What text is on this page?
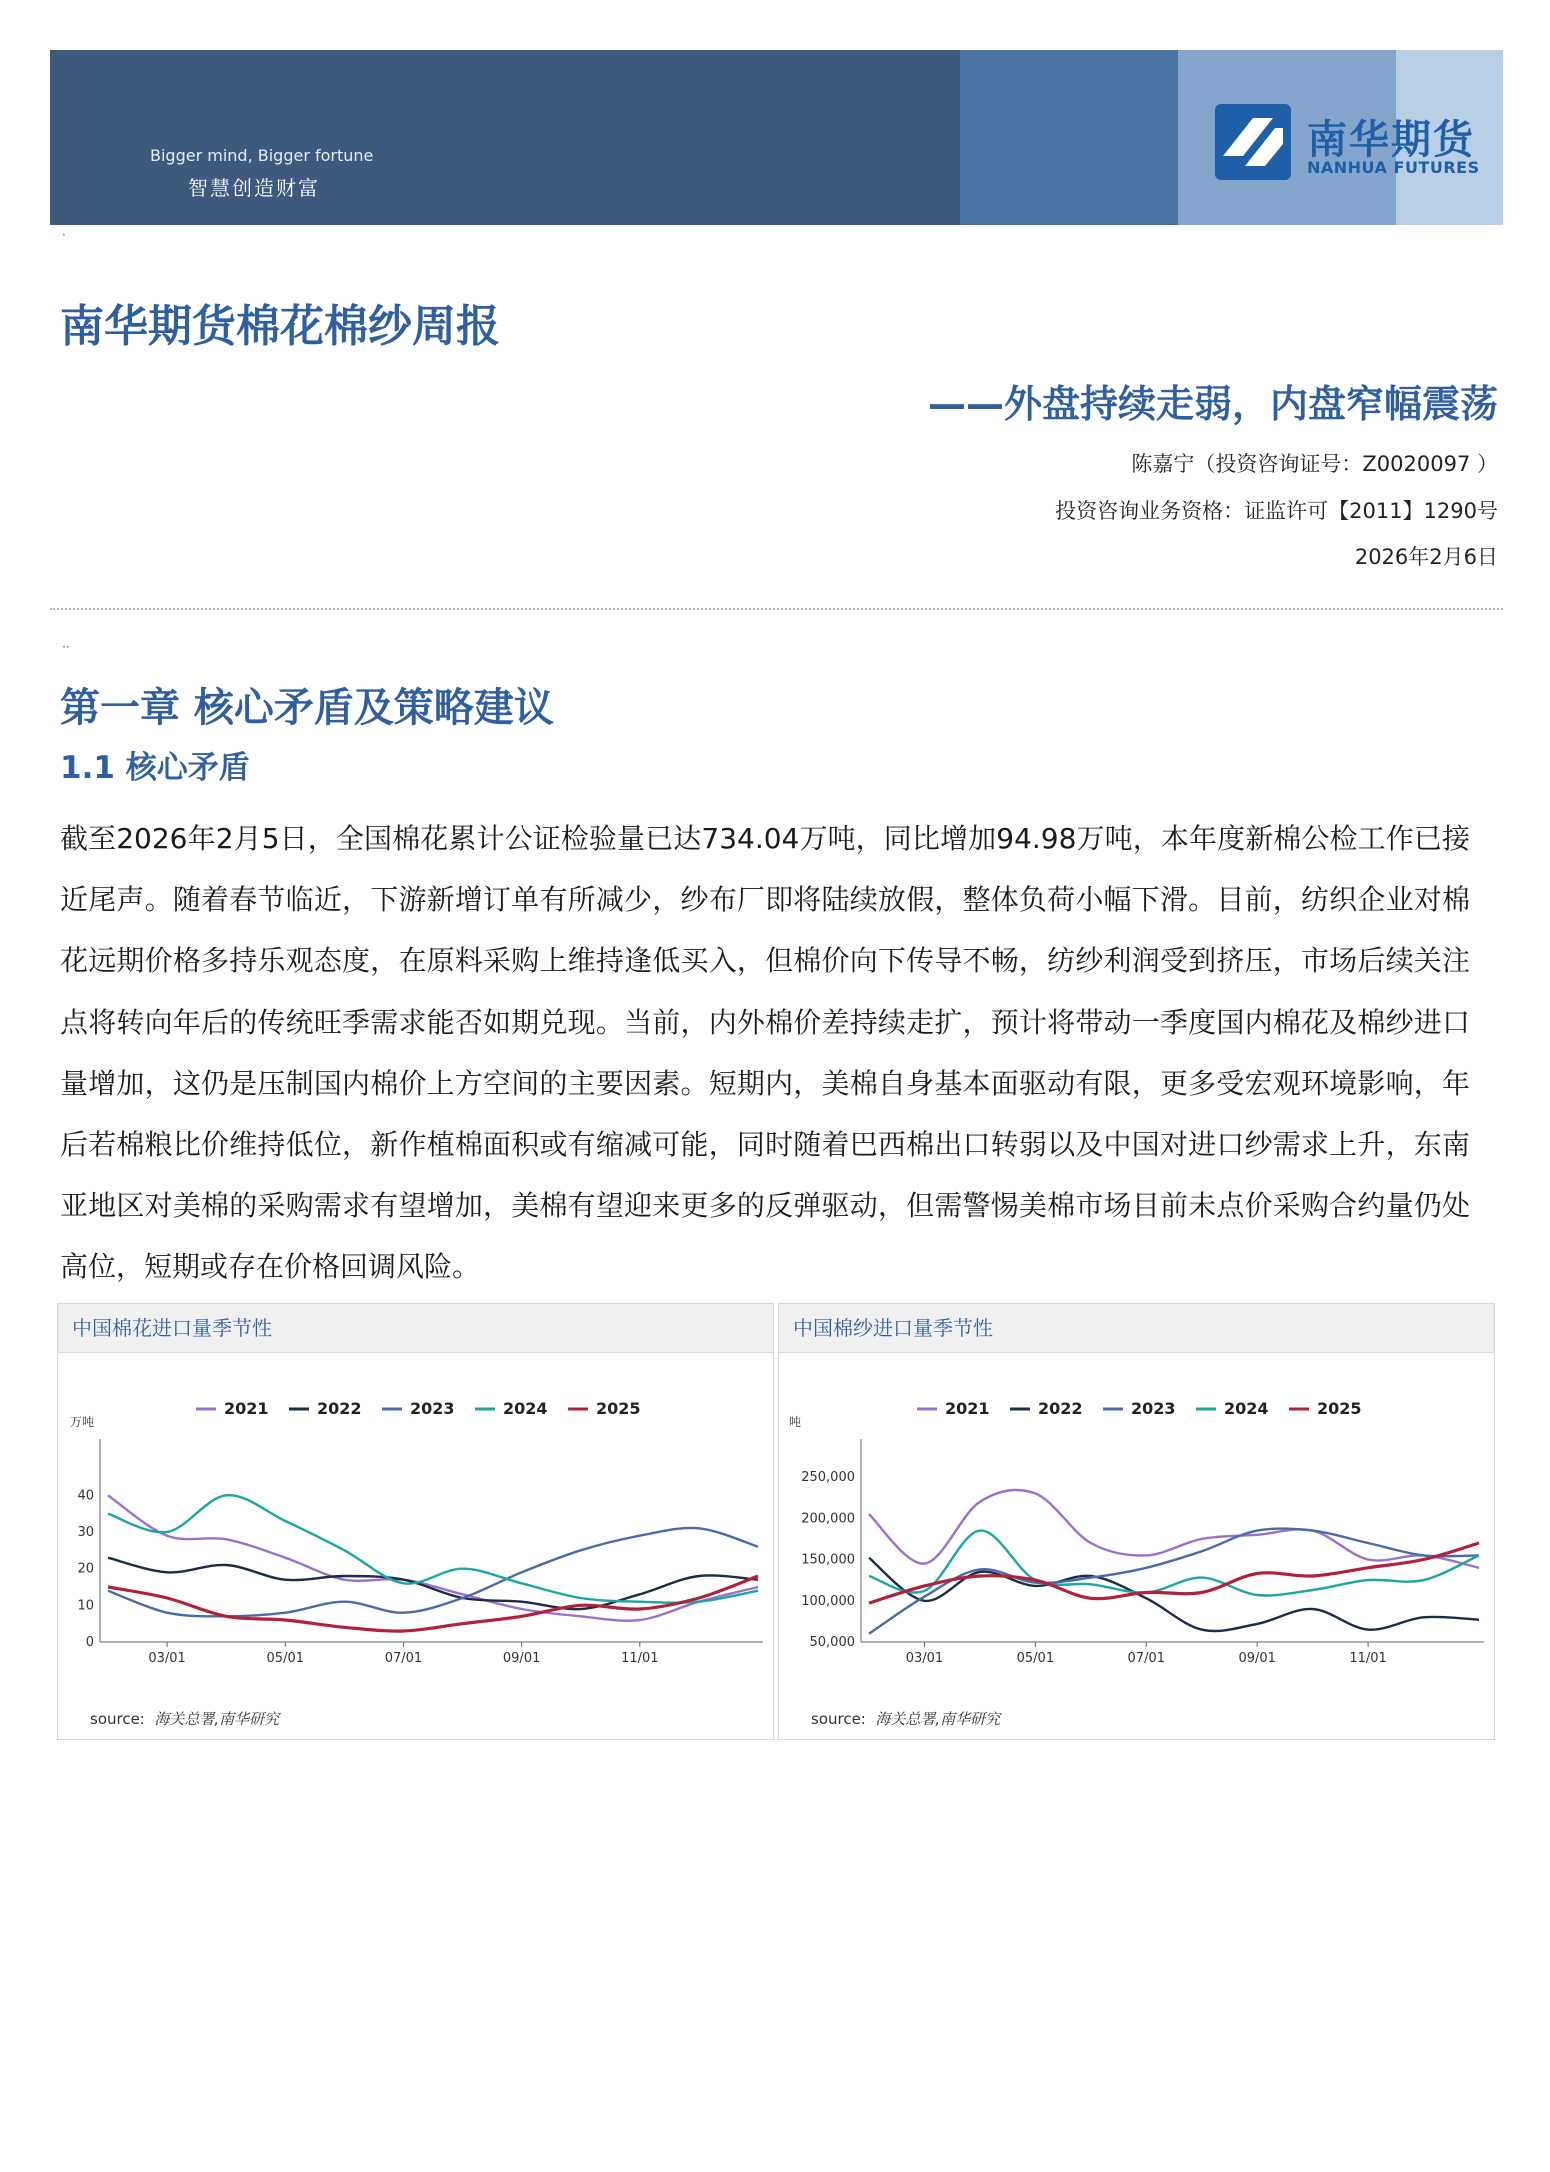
Bigger mind, Bigger fortune
智慧创造财富
南华期货
NANHUA FUTURES
·
南华期货棉花棉纱周报
——外盘持续走弱，内盘窄幅震荡
陈嘉宁（投资咨询证号：Z0020097 ）
投资咨询业务资格：证监许可【2011】1290号
2026年2月6日
··
第一章 核心矛盾及策略建议
1.1 核心矛盾

截至2026年2月5日，全国棉花累计公证检验量已达734.04万吨，同比增加94.98万吨，本年度新棉公检工作已接近尾声。随着春节临近，下游新增订单有所减少，纱布厂即将陆续放假，整体负荷小幅下滑。目前，纺织企业对棉花远期价格多持乐观态度，在原料采购上维持逢低买入，但棉价向下传导不畅，纺纱利润受到挤压，市场后续关注点将转向年后的传统旺季需求能否如期兑现。当前，内外棉价差持续走扩，预计将带动一季度国内棉花及棉纱进口量增加，这仍是压制国内棉价上方空间的主要因素。短期内，美棉自身基本面驱动有限，更多受宏观环境影响，年后若棉粮比价维持低位，新作植棉面积或有缩减可能，同时随着巴西棉出口转弱以及中国对进口纱需求上升，东南亚地区对美棉的采购需求有望增加，美棉有望迎来更多的反弹驱动，但需警惕美棉市场目前未点价采购合约量仍处高位，短期或存在价格回调风险。

中国棉花进口量季节性
万吨
0
10
20
30
40
03/01	05/01	07/01	09/01	11/01
2021	2022	2023	2024	2025
source:  海关总署,南华研究
中国棉纱进口量季节性
吨
50,000
100,000
150,000
200,000
250,000
03/01	05/01	07/01	09/01	11/01
2021	2022	2023	2024	2025
source:  海关总署,南华研究
